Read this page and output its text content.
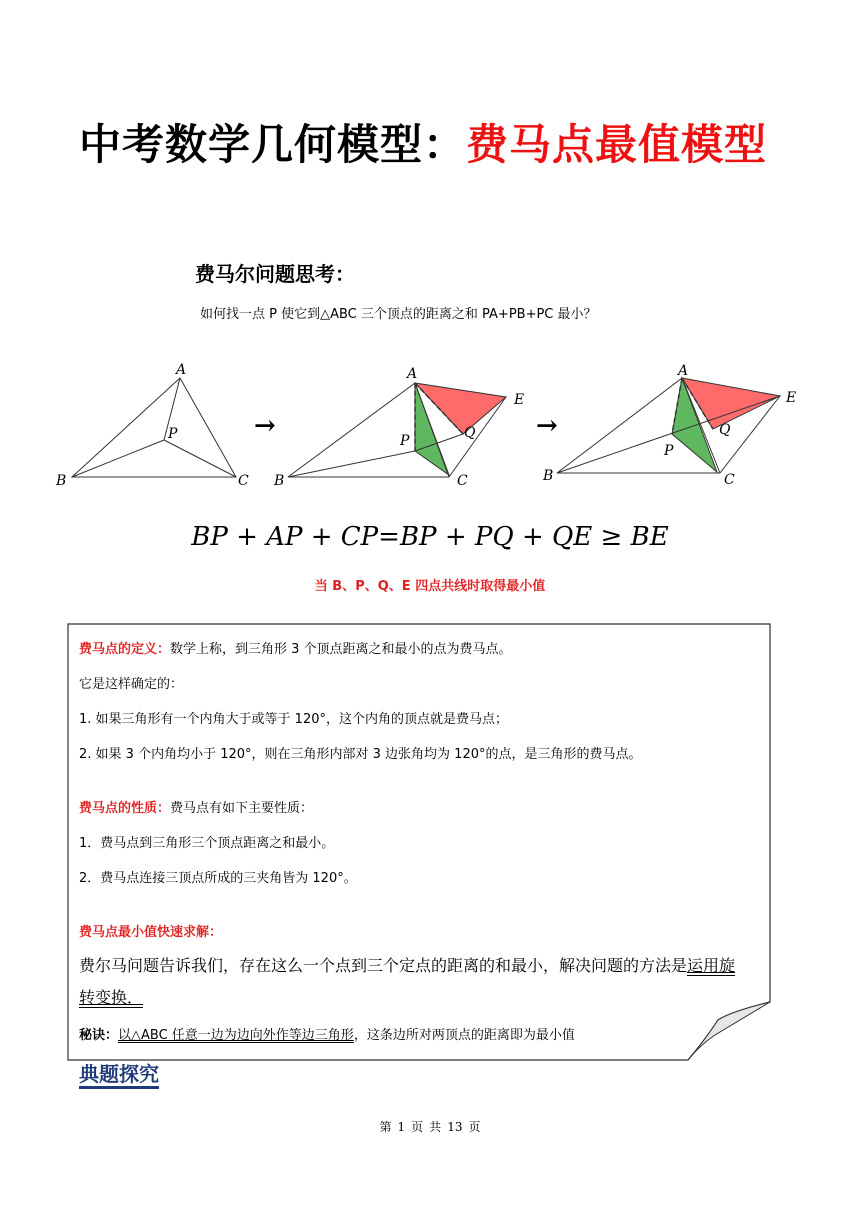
中考数学几何模型：费马点最值模型
费马尔问题思考：
如何找一点 P 使它到△ABC 三个顶点的距离之和 PA+PB+PC 最小？
A
B	C
P	→
A
B	C
P	Q
E
→
A
B	C
P
Q
E
BP + AP + CP=BP + PQ + QE ≥ BE
当 B、P、Q、E 四点共线时取得最小值
费马点的定义：数学上称，到三角形 3 个顶点距离之和最小的点为费马点。
它是这样确定的：
1. 如果三角形有一个内角大于或等于 120°，这个内角的顶点就是费马点；
2. 如果 3 个内角均小于 120°，则在三角形内部对 3 边张角均为 120°的点，是三角形的费马点。
费马点的性质：费马点有如下主要性质：
1．费马点到三角形三个顶点距离之和最小。
2．费马点连接三顶点所成的三夹角皆为 120°。
费马点最小值快速求解：
费尔马问题告诉我们，存在这么一个点到三个定点的距离的和最小，解决问题的方法是运用旋
转变换．
秘诀：以△ABC 任意一边为边向外作等边三角形，这条边所对两顶点的距离即为最小值
典题探究
第 1 页 共 13 页
